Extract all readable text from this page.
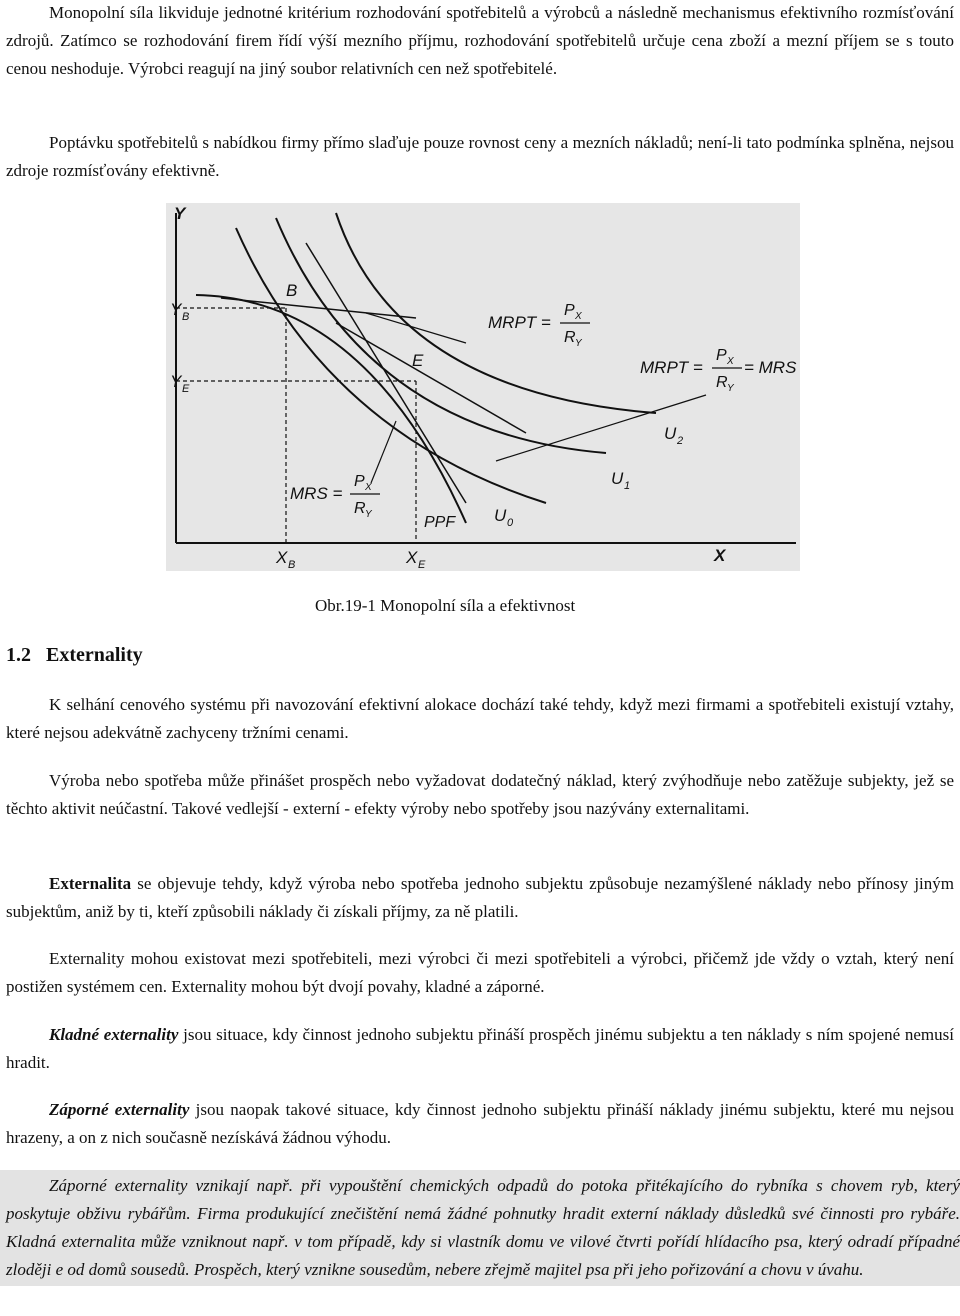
Monopolní síla likviduje jednotné kritérium rozhodování spotřebitelů a výrobců a následně mechanismus efektivního rozmísťování zdrojů. Zatímco se rozhodování firem řídí výší mezního příjmu, rozhodování spotřebitelů určuje cena zboží a mezní příjem se s touto cenou neshoduje. Výrobci reagují na jiný soubor relativních cen než spotřebitelé.

Poptávku spotřebitelů s nabídkou firmy přímo slaďuje pouze rovnost ceny a mezních nákladů; není-li tato podmínka splněna, nejsou zdroje rozmísťovány efektivně.

Y
X
Y B
Y E
X B	X E
B
E
U 0
U 1
U 2
PPF
MRPT =
P X
R Y
MRPT =
P X
R Y
= MRS
MRS =
P X
R Y
Obr.19-1 Monopolní síla a efektivnost
1.2   Externality

K selhání cenového systému při navozování efektivní alokace dochází také tehdy, když mezi firmami a spotřebiteli existují vztahy, které nejsou adekvátně zachyceny tržními cenami.

Výroba nebo spotřeba může přinášet prospěch nebo vyžadovat dodatečný náklad, který zvýhodňuje nebo zatěžuje subjekty, jež se těchto aktivit neúčastní. Takové vedlejší - externí - efekty výroby nebo spotřeby jsou nazývány externalitami.

Externalita se objevuje tehdy, když výroba nebo spotřeba jednoho subjektu způsobuje nezamýšlené náklady nebo přínosy jiným subjektům, aniž by ti, kteří způsobili náklady či získali příjmy, za ně platili.

Externality mohou existovat mezi spotřebiteli, mezi výrobci či mezi spotřebiteli a výrobci, přičemž jde vždy o vztah, který není postižen systémem cen. Externality mohou být dvojí povahy, kladné a záporné.

Kladné externality jsou situace, kdy činnost jednoho subjektu přináší prospěch jinému subjektu a ten náklady s ním spojené nemusí hradit.

Záporné externality jsou naopak takové situace, kdy činnost jednoho subjektu přináší náklady jinému subjektu, které mu nejsou hrazeny, a on z nich současně nezískává žádnou výhodu.

Záporné externality vznikají např. při vypouštění chemických odpadů do potoka přitékajícího do rybníka s chovem ryb, který poskytuje obživu rybářům. Firma produkující znečištění nemá žádné pohnutky hradit externí náklady důsledků své činnosti pro rybáře. Kladná externalita může vzniknout např. v tom případě, kdy si vlastník domu ve vilové čtvrti pořídí hlídacího psa, který odradí případné zloději e od domů sousedů. Prospěch, který vznikne sousedům, nebere zřejmě majitel psa při jeho pořizování a chovu v úvahu.
